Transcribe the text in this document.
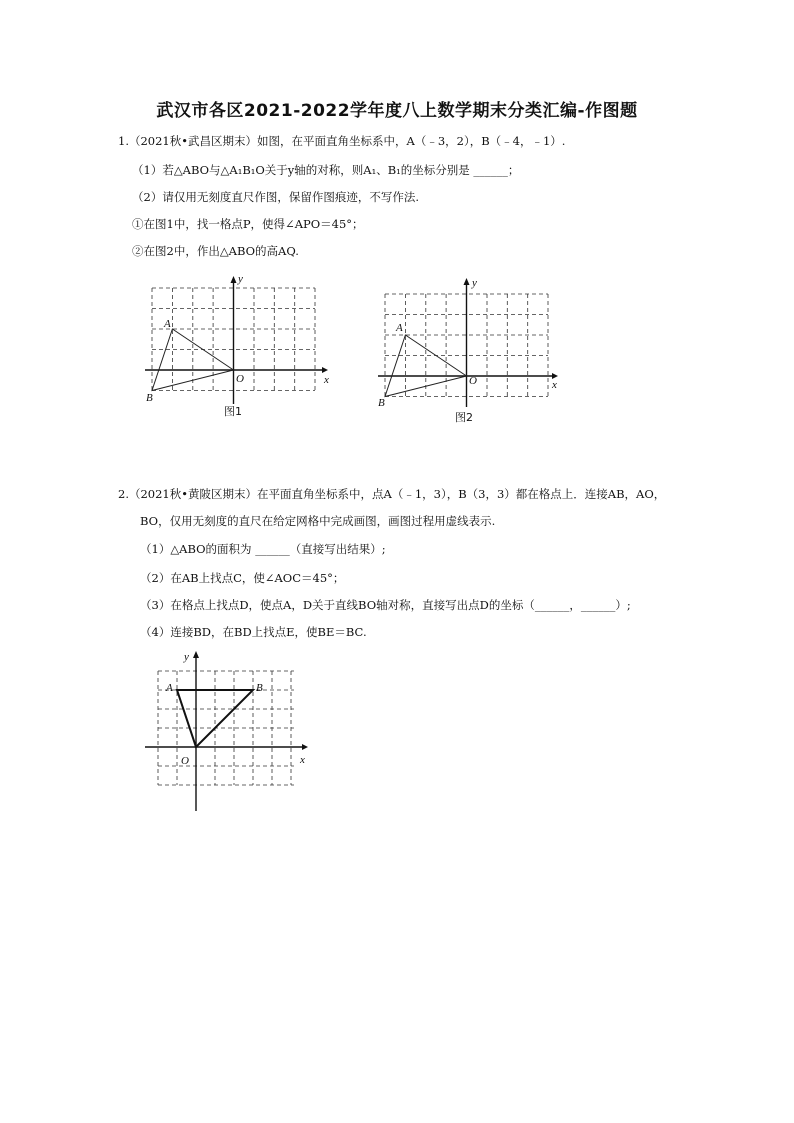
武汉市各区2021-2022学年度八上数学期末分类汇编-作图题
1.（2021秋•武昌区期末）如图，在平面直角坐标系中，A（﹣3，2），B（﹣4，﹣1）.
（1）若△ABO与△A₁B₁O关于y轴的对称，则A₁、B₁的坐标分别是 ______；
（2）请仅用无刻度直尺作图，保留作图痕迹，不写作法.
①在图1中，找一格点P，使得∠APO＝45°；
②在图2中，作出△ABO的高AQ.
A
B
O	x
y
图1
A
B
O	x
y
图2
2.（2021秋•黄陂区期末）在平面直角坐标系中，点A（﹣1，3），B（3，3）都在格点上．连接AB，AO，
BO，仅用无刻度的直尺在给定网格中完成画图，画图过程用虚线表示.
（1）△ABO的面积为 ______（直接写出结果）;
（2）在AB上找点C，使∠AOC＝45°；
（3）在格点上找点D，使点A，D关于直线BO轴对称，直接写出点D的坐标（______，______）;
（4）连接BD，在BD上找点E，使BE＝BC.
A	B
O	x
y
